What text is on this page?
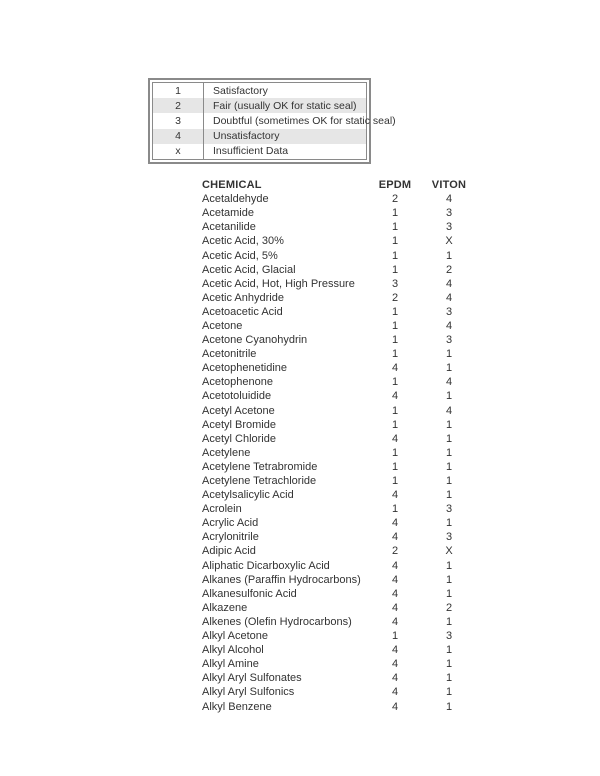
1	Satisfactory
2	Fair (usually OK for static seal)
3	Doubtful (sometimes OK for static seal)
4	Unsatisfactory
x	Insufficient Data
CHEMICAL	EPDM	VITON
Acetaldehyde	2	4
Acetamide	1	3
Acetanilide	1	3
Acetic Acid, 30%	1	X
Acetic Acid, 5%	1	1
Acetic Acid, Glacial	1	2
Acetic Acid, Hot, High Pressure	3	4
Acetic Anhydride	2	4
Acetoacetic Acid	1	3
Acetone	1	4
Acetone Cyanohydrin	1	3
Acetonitrile	1	1
Acetophenetidine	4	1
Acetophenone	1	4
Acetotoluidide	4	1
Acetyl Acetone	1	4
Acetyl Bromide	1	1
Acetyl Chloride	4	1
Acetylene	1	1
Acetylene Tetrabromide	1	1
Acetylene Tetrachloride	1	1
Acetylsalicylic Acid	4	1
Acrolein	1	3
Acrylic Acid	4	1
Acrylonitrile	4	3
Adipic Acid	2	X
Aliphatic Dicarboxylic Acid	4	1
Alkanes (Paraffin Hydrocarbons)	4	1
Alkanesulfonic Acid	4	1
Alkazene	4	2
Alkenes (Olefin Hydrocarbons)	4	1
Alkyl Acetone	1	3
Alkyl Alcohol	4	1
Alkyl Amine	4	1
Alkyl Aryl Sulfonates	4	1
Alkyl Aryl Sulfonics	4	1
Alkyl Benzene	4	1
